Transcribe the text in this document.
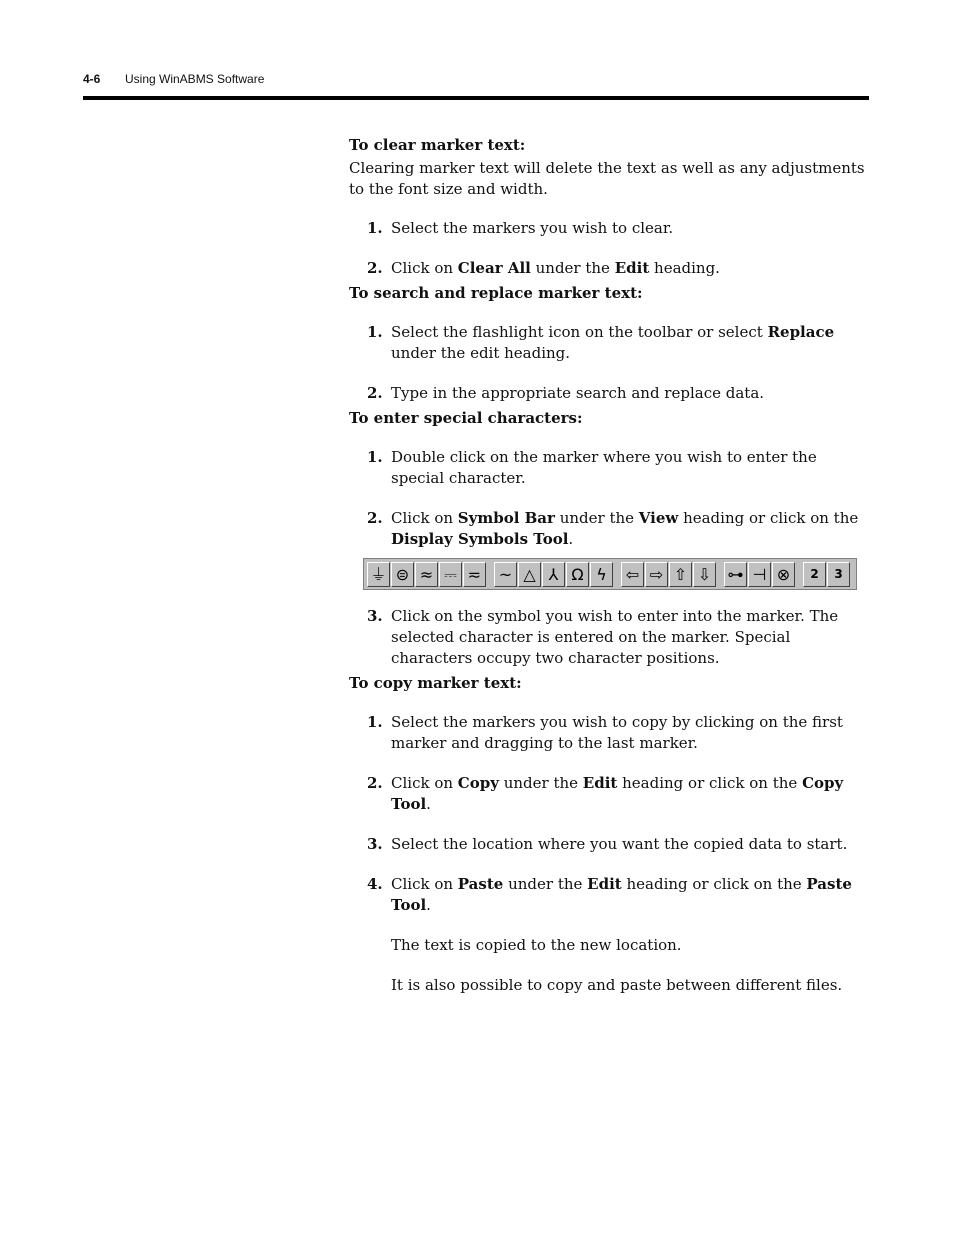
4-6 Using WinABMS Software

To clear marker text:

Clearing marker text will delete the text as well as any adjustments to the font size and width.

1. Select the markers you wish to clear.
2. Click on Clear All under the Edit heading.

To search and replace marker text:

1. Select the flashlight icon on the toolbar or select Replace under the edit heading.
2. Type in the appropriate search and replace data.

To enter special characters:

1. Double click on the marker where you wish to enter the special character.
2. Click on Symbol Bar under the View heading or click on the Display Symbols Tool.
⏚ ⊜ ≈ ⎓ ≂ ~ △ ⅄ Ω ϟ	⇦ ⇨ ⇧ ⇩ ⊶ ⊣ ⊗	2	3
3. Click on the symbol you wish to enter into the marker. The selected character is entered on the marker. Special characters occupy two character positions.

To copy marker text:

1. Select the markers you wish to copy by clicking on the first marker and dragging to the last marker.
2. Click on Copy under the Edit heading or click on the Copy Tool.
3. Select the location where you want the copied data to start.
4. Click on Paste under the Edit heading or click on the Paste Tool.

The text is copied to the new location.

It is also possible to copy and paste between different files.
